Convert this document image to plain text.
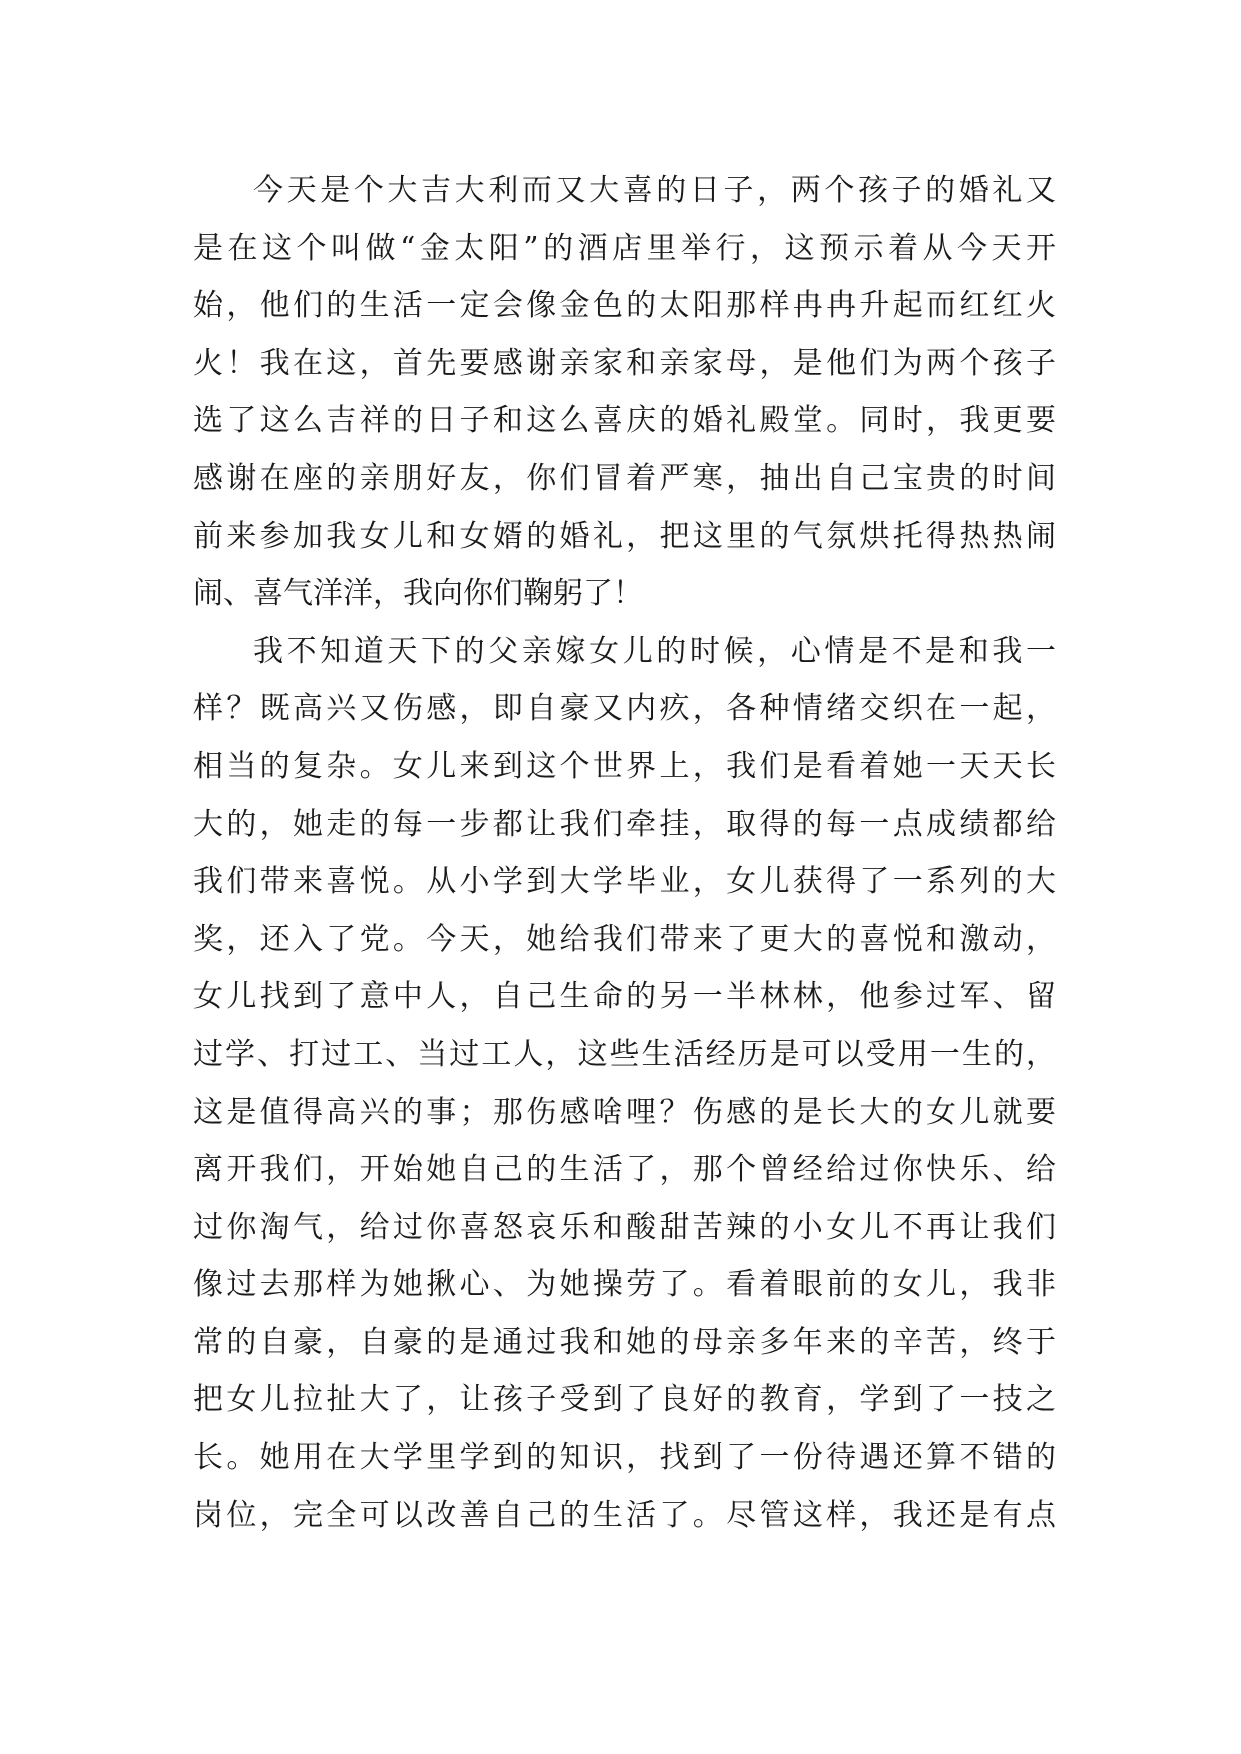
今天是个大吉大利而又大喜的日子，两个孩子的婚礼又
是在这个叫做“金太阳”的酒店里举行，这预示着从今天开
始，他们的生活一定会像金色的太阳那样冉冉升起而红红火
火！我在这，首先要感谢亲家和亲家母，是他们为两个孩子
选了这么吉祥的日子和这么喜庆的婚礼殿堂。同时，我更要
感谢在座的亲朋好友，你们冒着严寒，抽出自己宝贵的时间
前来参加我女儿和女婿的婚礼，把这里的气氛烘托得热热闹
闹、喜气洋洋，我向你们鞠躬了！
我不知道天下的父亲嫁女儿的时候，心情是不是和我一
样？既高兴又伤感，即自豪又内疚，各种情绪交织在一起，
相当的复杂。女儿来到这个世界上，我们是看着她一天天长
大的，她走的每一步都让我们牵挂，取得的每一点成绩都给
我们带来喜悦。从小学到大学毕业，女儿获得了一系列的大
奖，还入了党。今天，她给我们带来了更大的喜悦和激动，
女儿找到了意中人，自己生命的另一半林林，他参过军、留
过学、打过工、当过工人，这些生活经历是可以受用一生的，
这是值得高兴的事；那伤感啥哩？伤感的是长大的女儿就要
离开我们，开始她自己的生活了，那个曾经给过你快乐、给
过你淘气，给过你喜怒哀乐和酸甜苦辣的小女儿不再让我们
像过去那样为她揪心、为她操劳了。看着眼前的女儿，我非
常的自豪，自豪的是通过我和她的母亲多年来的辛苦，终于
把女儿拉扯大了，让孩子受到了良好的教育，学到了一技之
长。她用在大学里学到的知识，找到了一份待遇还算不错的
岗位，完全可以改善自己的生活了。尽管这样，我还是有点
